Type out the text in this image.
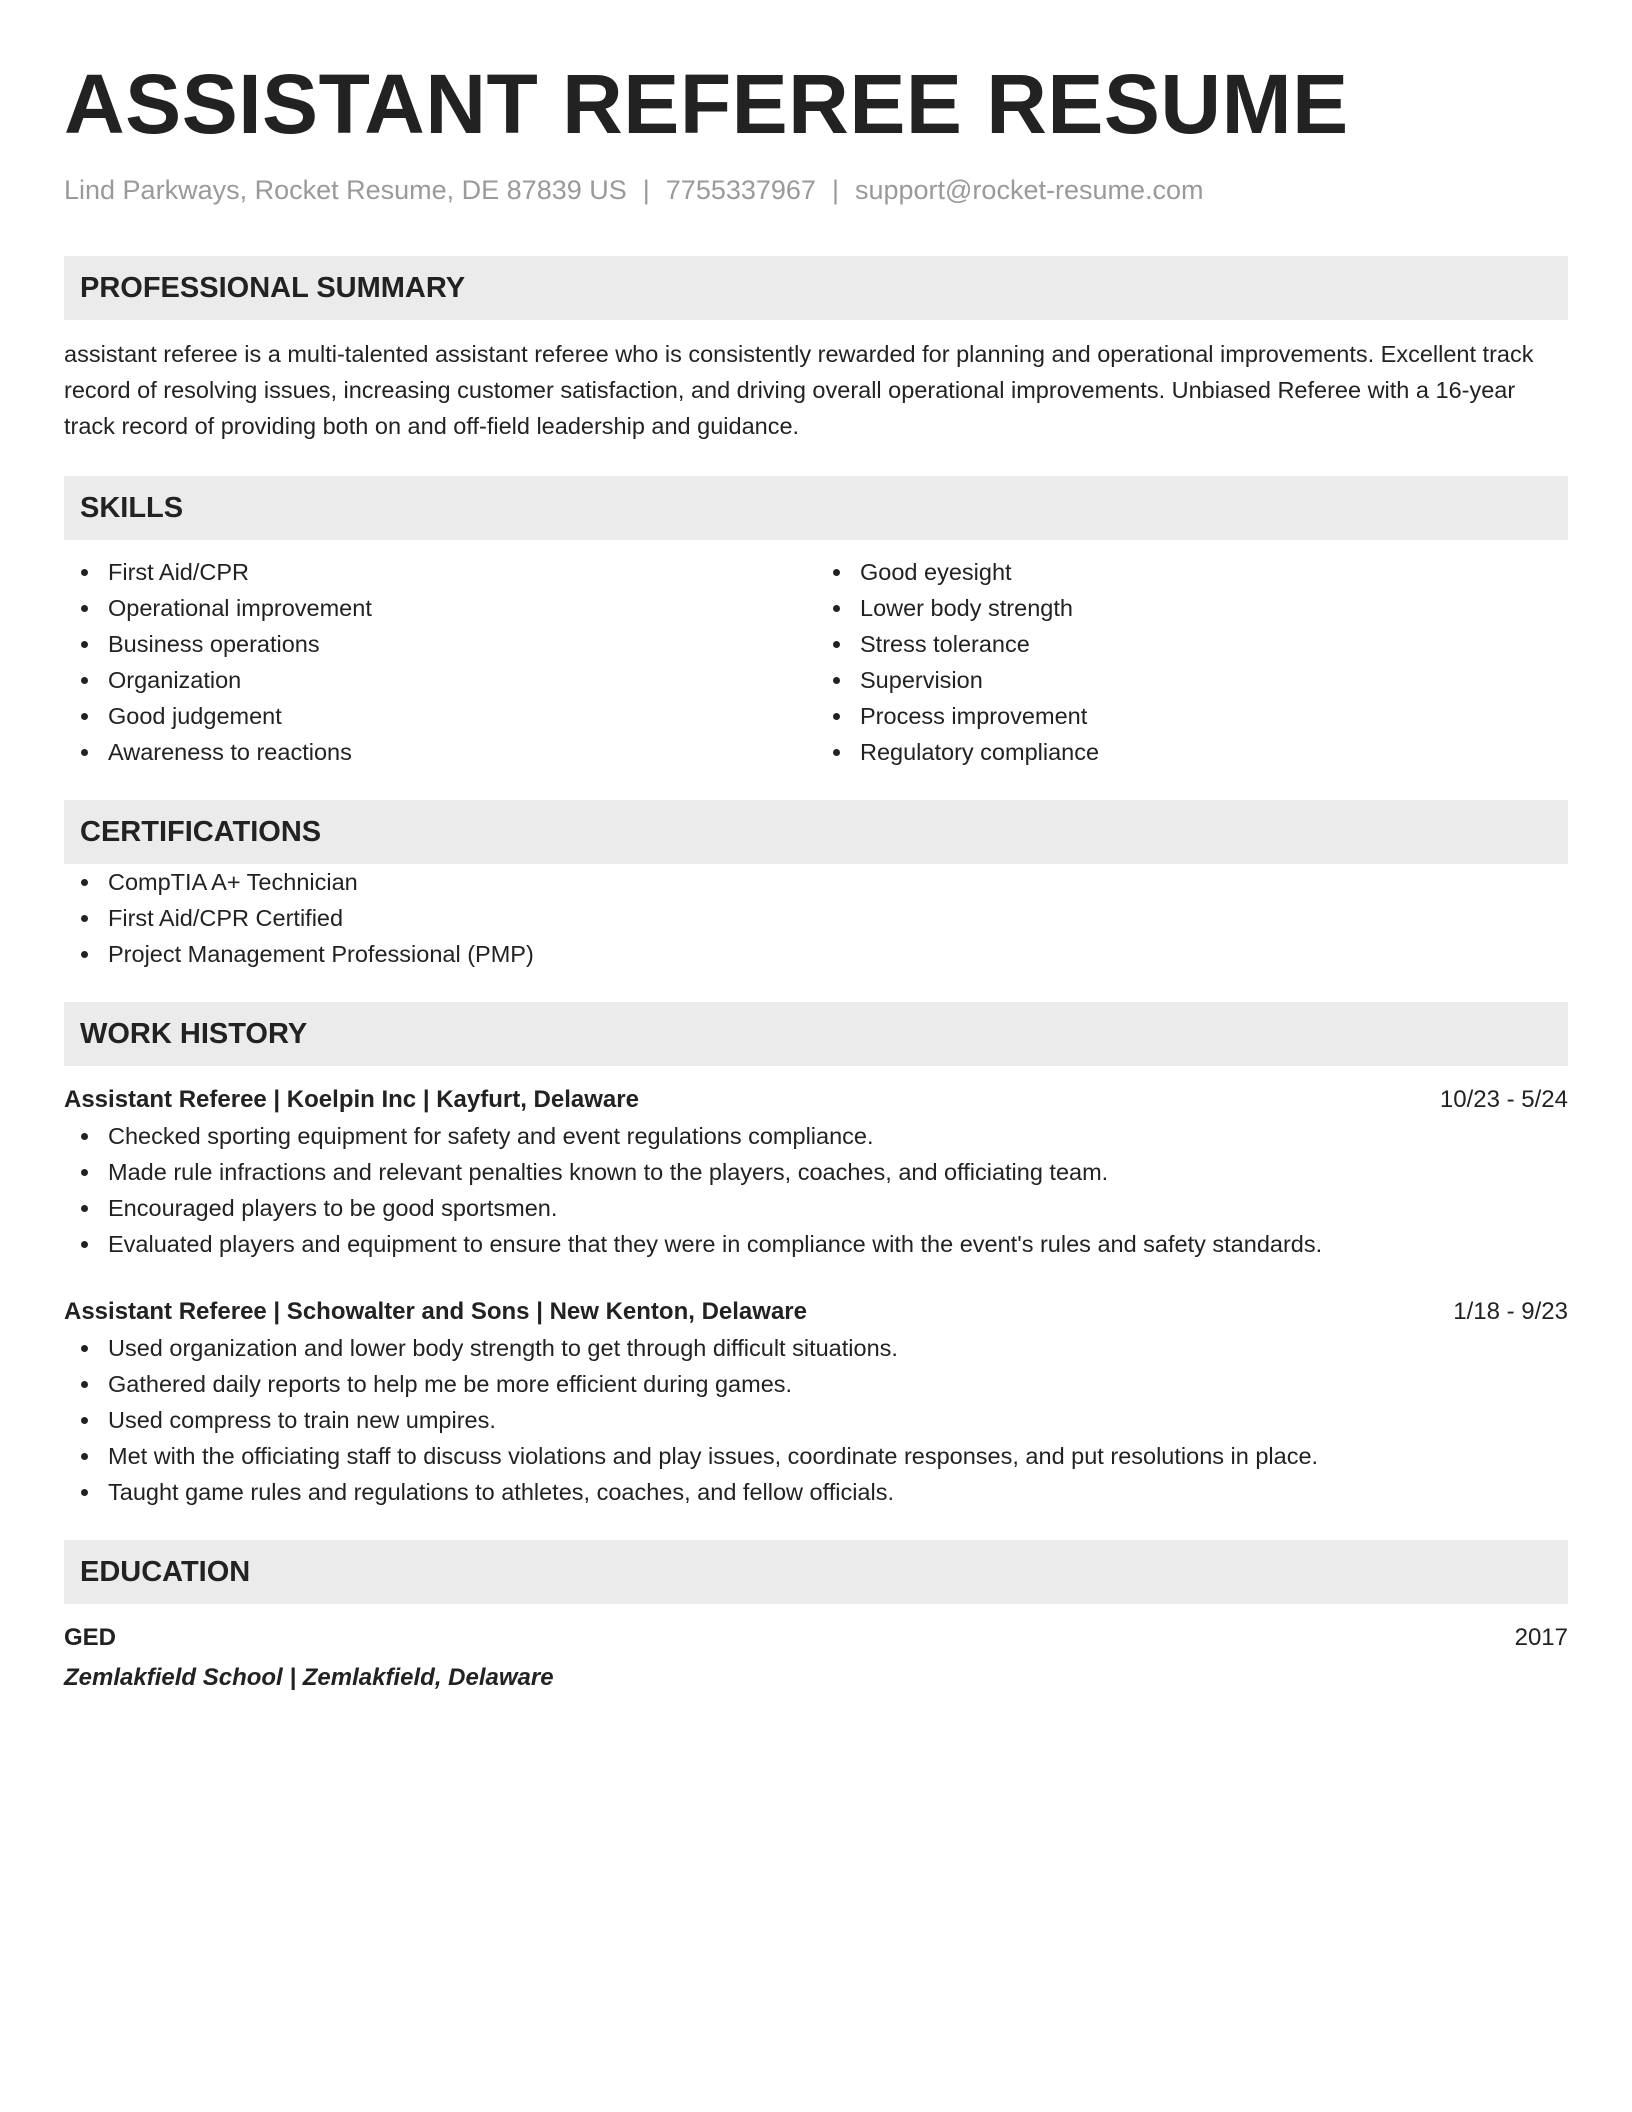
ASSISTANT REFEREE RESUME
Lind Parkways, Rocket Resume, DE 87839 US | 7755337967 | support@rocket-resume.com
PROFESSIONAL SUMMARY

assistant referee is a multi-talented assistant referee who is consistently rewarded for planning and operational improvements. Excellent track record of resolving issues, increasing customer satisfaction, and driving overall operational improvements. Unbiased Referee with a 16-year track record of providing both on and off-field leadership and guidance.

SKILLS
First Aid/CPR
Operational improvement
Business operations
Organization
Good judgement
Awareness to reactions
Good eyesight
Lower body strength
Stress tolerance
Supervision
Process improvement
Regulatory compliance
CERTIFICATIONS
CompTIA A+ Technician
First Aid/CPR Certified
Project Management Professional (PMP)
WORK HISTORY
Assistant Referee | Koelpin Inc | Kayfurt, Delaware	10/23 - 5/24
Checked sporting equipment for safety and event regulations compliance.
Made rule infractions and relevant penalties known to the players, coaches, and officiating team.
Encouraged players to be good sportsmen.
Evaluated players and equipment to ensure that they were in compliance with the event's rules and safety standards.
Assistant Referee | Schowalter and Sons | New Kenton, Delaware	1/18 - 9/23
Used organization and lower body strength to get through difficult situations.
Gathered daily reports to help me be more efficient during games.
Used compress to train new umpires.
Met with the officiating staff to discuss violations and play issues, coordinate responses, and put resolutions in place.
Taught game rules and regulations to athletes, coaches, and fellow officials.
EDUCATION
GED	2017
Zemlakfield School | Zemlakfield, Delaware
